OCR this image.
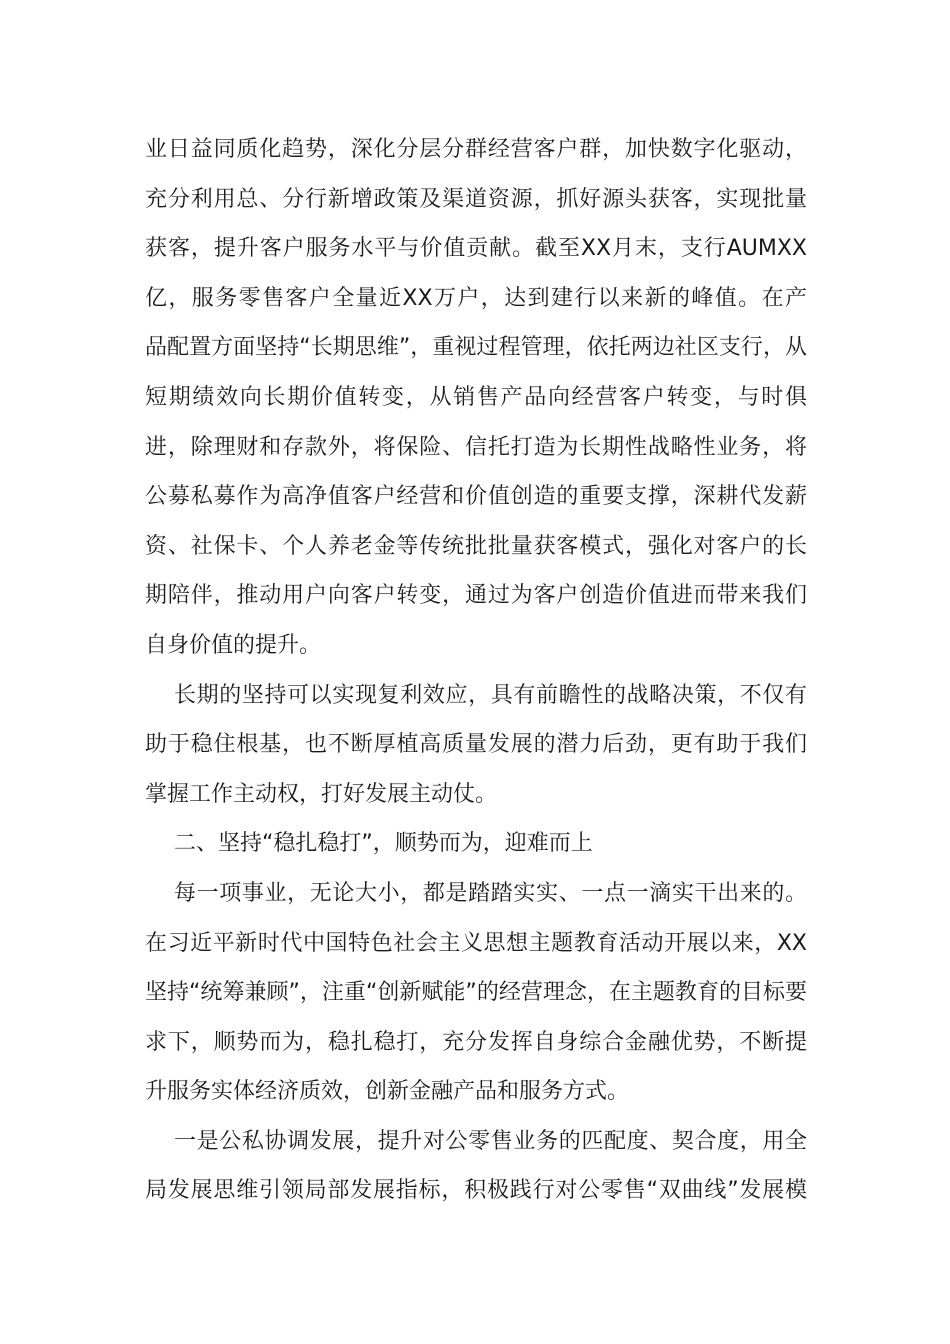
业日益同质化趋势，深化分层分群经营客户群，加快数字化驱动，
充分利用总、分行新增政策及渠道资源，抓好源头获客，实现批量
获客，提升客户服务水平与价值贡献。截至XX月末，支行AUMXX
亿，服务零售客户全量近XX万户，达到建行以来新的峰值。在产
品配置方面坚持“长期思维”，重视过程管理，依托两边社区支行，从
短期绩效向长期价值转变，从销售产品向经营客户转变，与时俱
进，除理财和存款外，将保险、信托打造为长期性战略性业务，将
公募私募作为高净值客户经营和价值创造的重要支撑，深耕代发薪
资、社保卡、个人养老金等传统批批量获客模式，强化对客户的长
期陪伴，推动用户向客户转变，通过为客户创造价值进而带来我们
自身价值的提升。
长期的坚持可以实现复利效应，具有前瞻性的战略决策，不仅有
助于稳住根基，也不断厚植高质量发展的潜力后劲，更有助于我们
掌握工作主动权，打好发展主动仗。
二、坚持“稳扎稳打”，顺势而为，迎难而上
每一项事业，无论大小，都是踏踏实实、一点一滴实干出来的。
在习近平新时代中国特色社会主义思想主题教育活动开展以来，XX
坚持“统筹兼顾”，注重“创新赋能”的经营理念，在主题教育的目标要
求下，顺势而为，稳扎稳打，充分发挥自身综合金融优势，不断提
升服务实体经济质效，创新金融产品和服务方式。
一是公私协调发展，提升对公零售业务的匹配度、契合度，用全
局发展思维引领局部发展指标，积极践行对公零售“双曲线”发展模
